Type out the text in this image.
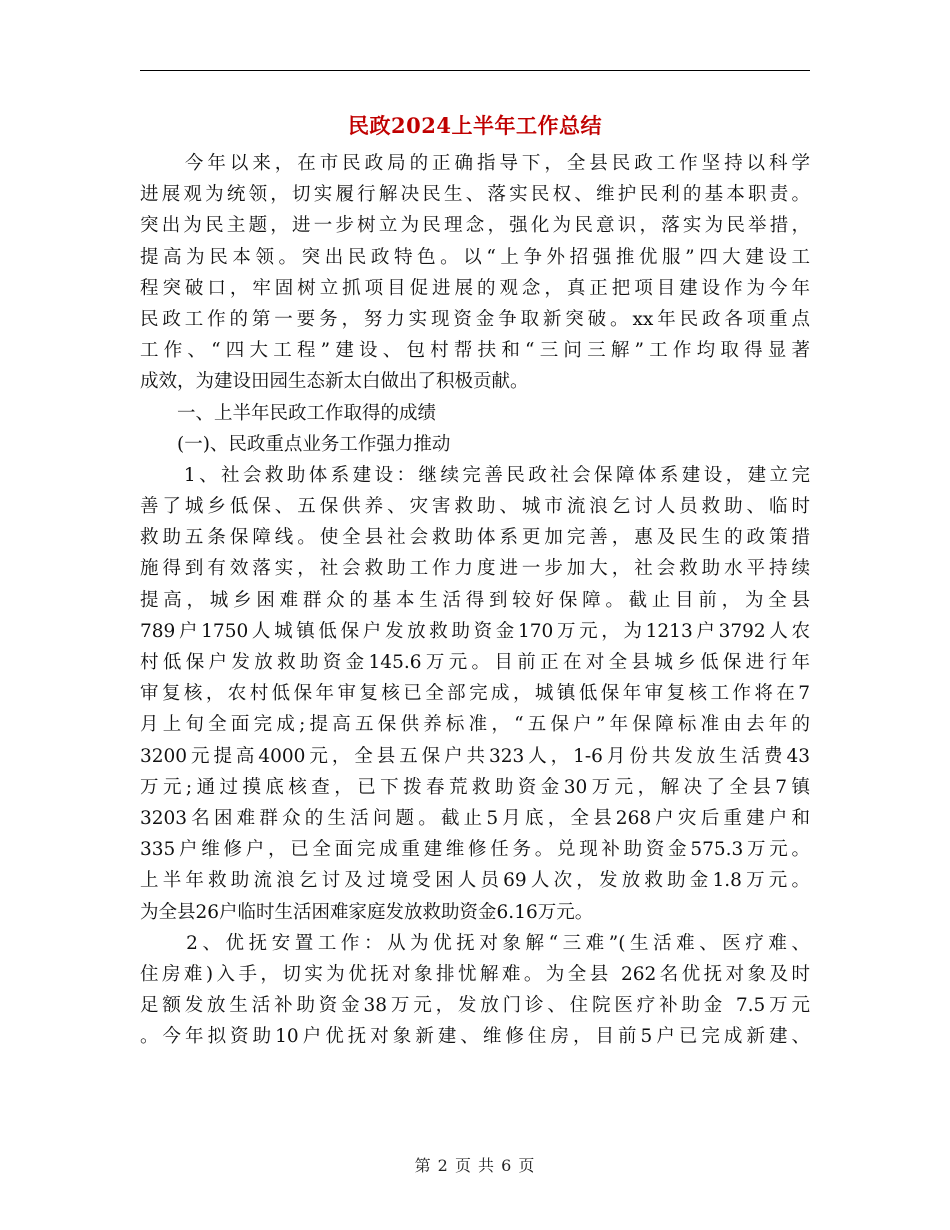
民政2024上半年工作总结
　　今年以来，在市民政局的正确指导下，全县民政工作坚持以科学
进展观为统领，切实履行解决民生、落实民权、维护民利的基本职责。
突出为民主题，进一步树立为民理念，强化为民意识，落实为民举措，
提高为民本领。突出民政特色。以“上争外招强推优服”四大建设工
程突破口，牢固树立抓项目促进展的观念，真正把项目建设作为今年
民政工作的第一要务，努力实现资金争取新突破。xx年民政各项重点
工作、“四大工程”建设、包村帮扶和“三问三解”工作均取得显著
成效，为建设田园生态新太白做出了积极贡献。
　　一、上半年民政工作取得的成绩
　　(一)、民政重点业务工作强力推动
　　1、社会救助体系建设：继续完善民政社会保障体系建设，建立完
善了城乡低保、五保供养、灾害救助、城市流浪乞讨人员救助、临时
救助五条保障线。使全县社会救助体系更加完善，惠及民生的政策措
施得到有效落实，社会救助工作力度进一步加大，社会救助水平持续
提高，城乡困难群众的基本生活得到较好保障。截止目前，为全县
789户1750人城镇低保户发放救助资金170万元，为1213户3792人农
村低保户发放救助资金145.6万元。目前正在对全县城乡低保进行年
审复核，农村低保年审复核已全部完成，城镇低保年审复核工作将在7
月上旬全面完成;提高五保供养标准，“五保户”年保障标准由去年的
3200元提高4000元，全县五保户共323人，1-6月份共发放生活费43
万元;通过摸底核查，已下拨春荒救助资金30万元，解决了全县7镇
3203名困难群众的生活问题。截止5月底，全县268户灾后重建户和
335户维修户，已全面完成重建维修任务。兑现补助资金575.3万元。
上半年救助流浪乞讨及过境受困人员69人次，发放救助金1.8万元。
为全县26户临时生活困难家庭发放救助资金6.16万元。
　　2、优抚安置工作：从为优抚对象解“三难”(生活难、医疗难、
住房难)入手，切实为优抚对象排忧解难。为全县 262名优抚对象及时
足额发放生活补助资金38万元，发放门诊、住院医疗补助金 7.5万元
。今年拟资助10户优抚对象新建、维修住房，目前5户已完成新建、
第 2 页 共 6 页
